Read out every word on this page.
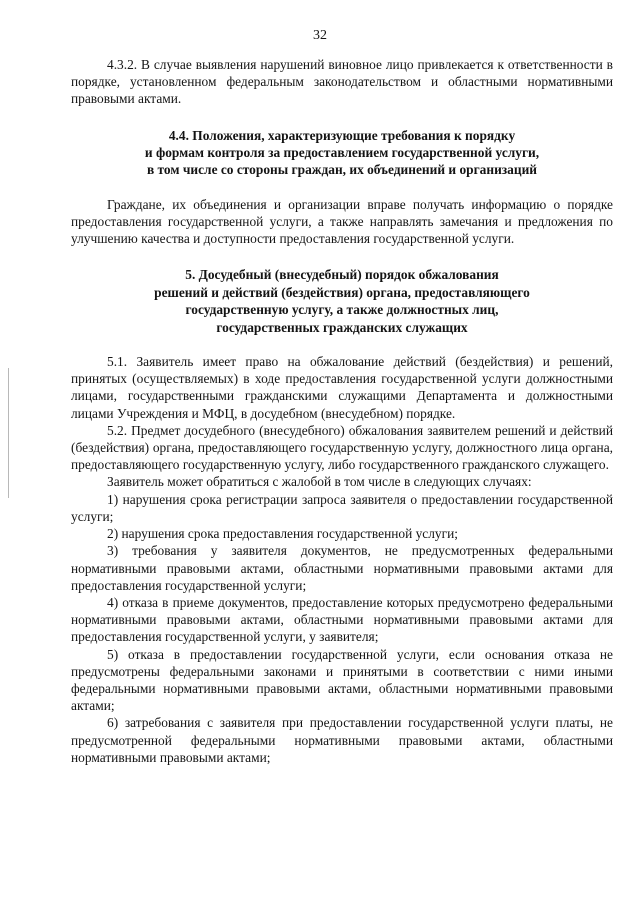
32

4.3.2. В случае выявления нарушений виновное лицо привлекается к ответственности в порядке, установленном федеральным законодательством и областными нормативными правовыми актами.

4.4. Положения, характеризующие требования к порядку
и формам контроля за предоставлением государственной услуги,
в том числе со стороны граждан, их объединений и организаций

Граждане, их объединения и организации вправе получать информацию о порядке предоставления государственной услуги, а также направлять замечания и предложения по улучшению качества и доступности предоставления государственной услуги.

5. Досудебный (внесудебный) порядок обжалования
решений и действий (бездействия) органа, предоставляющего
государственную услугу, а также должностных лиц,
государственных гражданских служащих

5.1. Заявитель имеет право на обжалование действий (бездействия) и решений, принятых (осуществляемых) в ходе предоставления государственной услуги должностными лицами, государственными гражданскими служащими Департамента и должностными лицами Учреждения и МФЦ, в досудебном (внесудебном) порядке.

5.2. Предмет досудебного (внесудебного) обжалования заявителем решений и действий (бездействия) органа, предоставляющего государственную услугу, должностного лица органа, предоставляющего государственную услугу, либо государственного гражданского служащего.

Заявитель может обратиться с жалобой в том числе в следующих случаях:

1) нарушения срока регистрации запроса заявителя о предоставлении государственной услуги;

2) нарушения срока предоставления государственной услуги;

3) требования у заявителя документов, не предусмотренных федеральными нормативными правовыми актами, областными нормативными правовыми актами для предоставления государственной услуги;

4) отказа в приеме документов, предоставление которых предусмотрено федеральными нормативными правовыми актами, областными нормативными правовыми актами для предоставления государственной услуги, у заявителя;

5) отказа в предоставлении государственной услуги, если основания отказа не предусмотрены федеральными законами и принятыми в соответствии с ними иными федеральными нормативными правовыми актами, областными нормативными правовыми актами;

6) затребования с заявителя при предоставлении государственной услуги платы, не предусмотренной федеральными нормативными правовыми актами, областными нормативными правовыми актами;
